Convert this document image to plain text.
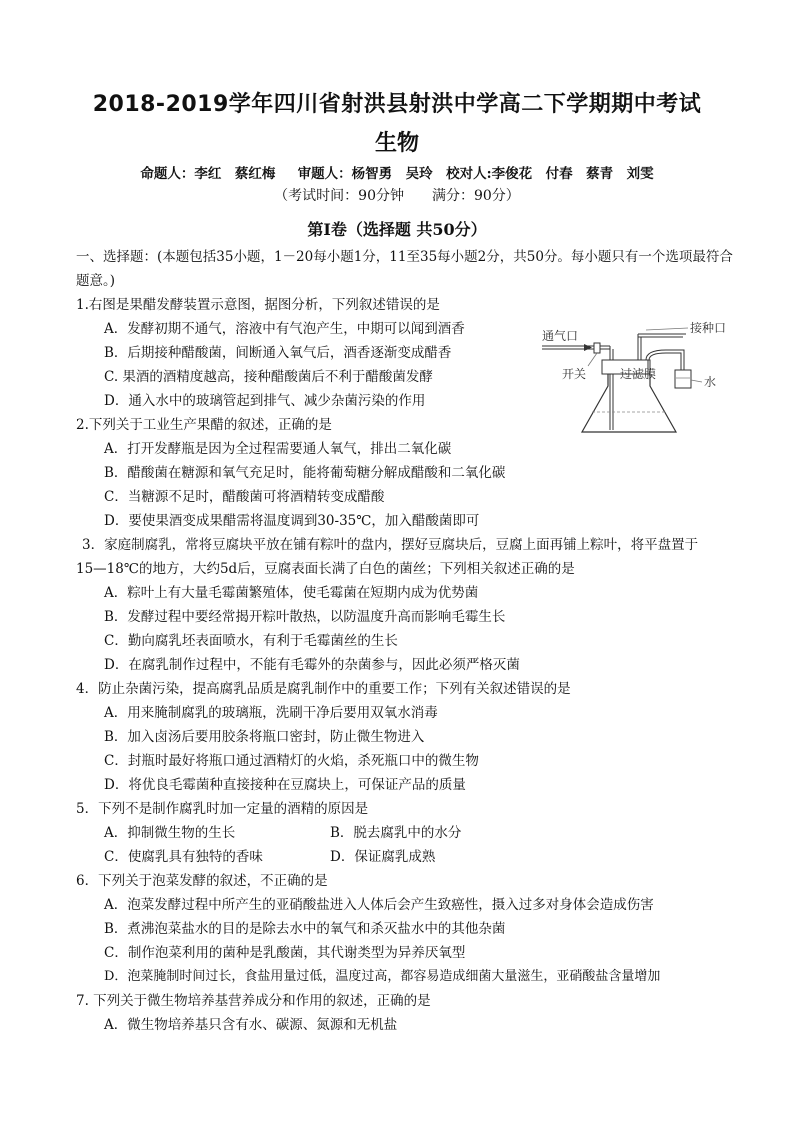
2018-2019学年四川省射洪县射洪中学高二下学期期中考试
生物
命题人：李红　蔡红梅　 审题人：杨智勇　吴玲　校对人:李俊花　付春　蔡青　刘雯
（考试时间：90分钟　　满分：90分）
第Ⅰ卷（选择题 共50分）
一、选择题：(本题包括35小题，1－20每小题1分，11至35每小题2分，共50分。每小题只有一个选项最符合题意。)
1.右图是果醋发酵装置示意图，据图分析，下列叙述错误的是
A．发酵初期不通气，溶液中有气泡产生，中期可以闻到酒香
B．后期接种醋酸菌，间断通入氧气后，酒香逐渐变成醋香
C. 果酒的酒精度越高，接种醋酸菌后不利于醋酸菌发酵
D．通入水中的玻璃管起到排气、减少杂菌污染的作用
通气口
接种口
开关	过滤膜
水
2.下列关于工业生产果醋的叙述，正确的是
A．打开发酵瓶是因为全过程需要通人氧气，排出二氧化碳
B．醋酸菌在糖源和氧气充足时，能将葡萄糖分解成醋酸和二氧化碳
C．当糖源不足时，醋酸菌可将酒精转变成醋酸
D．要使果酒变成果醋需将温度调到30-35℃，加入醋酸菌即可
3．家庭制腐乳，常将豆腐块平放在铺有粽叶的盘内，摆好豆腐块后，豆腐上面再铺上粽叶，将平盘置于
15—18℃的地方，大约5d后，豆腐表面长满了白色的菌丝；下列相关叙述正确的是
A．粽叶上有大量毛霉菌繁殖体，使毛霉菌在短期内成为优势菌
B．发酵过程中要经常揭开粽叶散热，以防温度升高而影响毛霉生长
C．勤向腐乳坯表面喷水，有利于毛霉菌丝的生长
D．在腐乳制作过程中，不能有毛霉外的杂菌参与，因此必须严格灭菌
4．防止杂菌污染，提高腐乳品质是腐乳制作中的重要工作；下列有关叙述错误的是
A．用来腌制腐乳的玻璃瓶，洗刷干净后要用双氧水消毒
B．加入卤汤后要用胶条将瓶口密封，防止微生物进入
C．封瓶时最好将瓶口通过酒精灯的火焰，杀死瓶口中的微生物
D．将优良毛霉菌种直接接种在豆腐块上，可保证产品的质量
5．下列不是制作腐乳时加一定量的酒精的原因是
A．抑制微生物的生长	B．脱去腐乳中的水分
C．使腐乳具有独特的香味	D．保证腐乳成熟
6．下列关于泡菜发酵的叙述，不正确的是
A．泡菜发酵过程中所产生的亚硝酸盐进入人体后会产生致癌性，摄入过多对身体会造成伤害
B．煮沸泡菜盐水的目的是除去水中的氧气和杀灭盐水中的其他杂菌
C．制作泡菜利用的菌种是乳酸菌，其代谢类型为异养厌氧型
D．泡菜腌制时间过长，食盐用量过低，温度过高，都容易造成细菌大量滋生，亚硝酸盐含量增加
7. 下列关于微生物培养基营养成分和作用的叙述，正确的是
A．微生物培养基只含有水、碳源、氮源和无机盐
